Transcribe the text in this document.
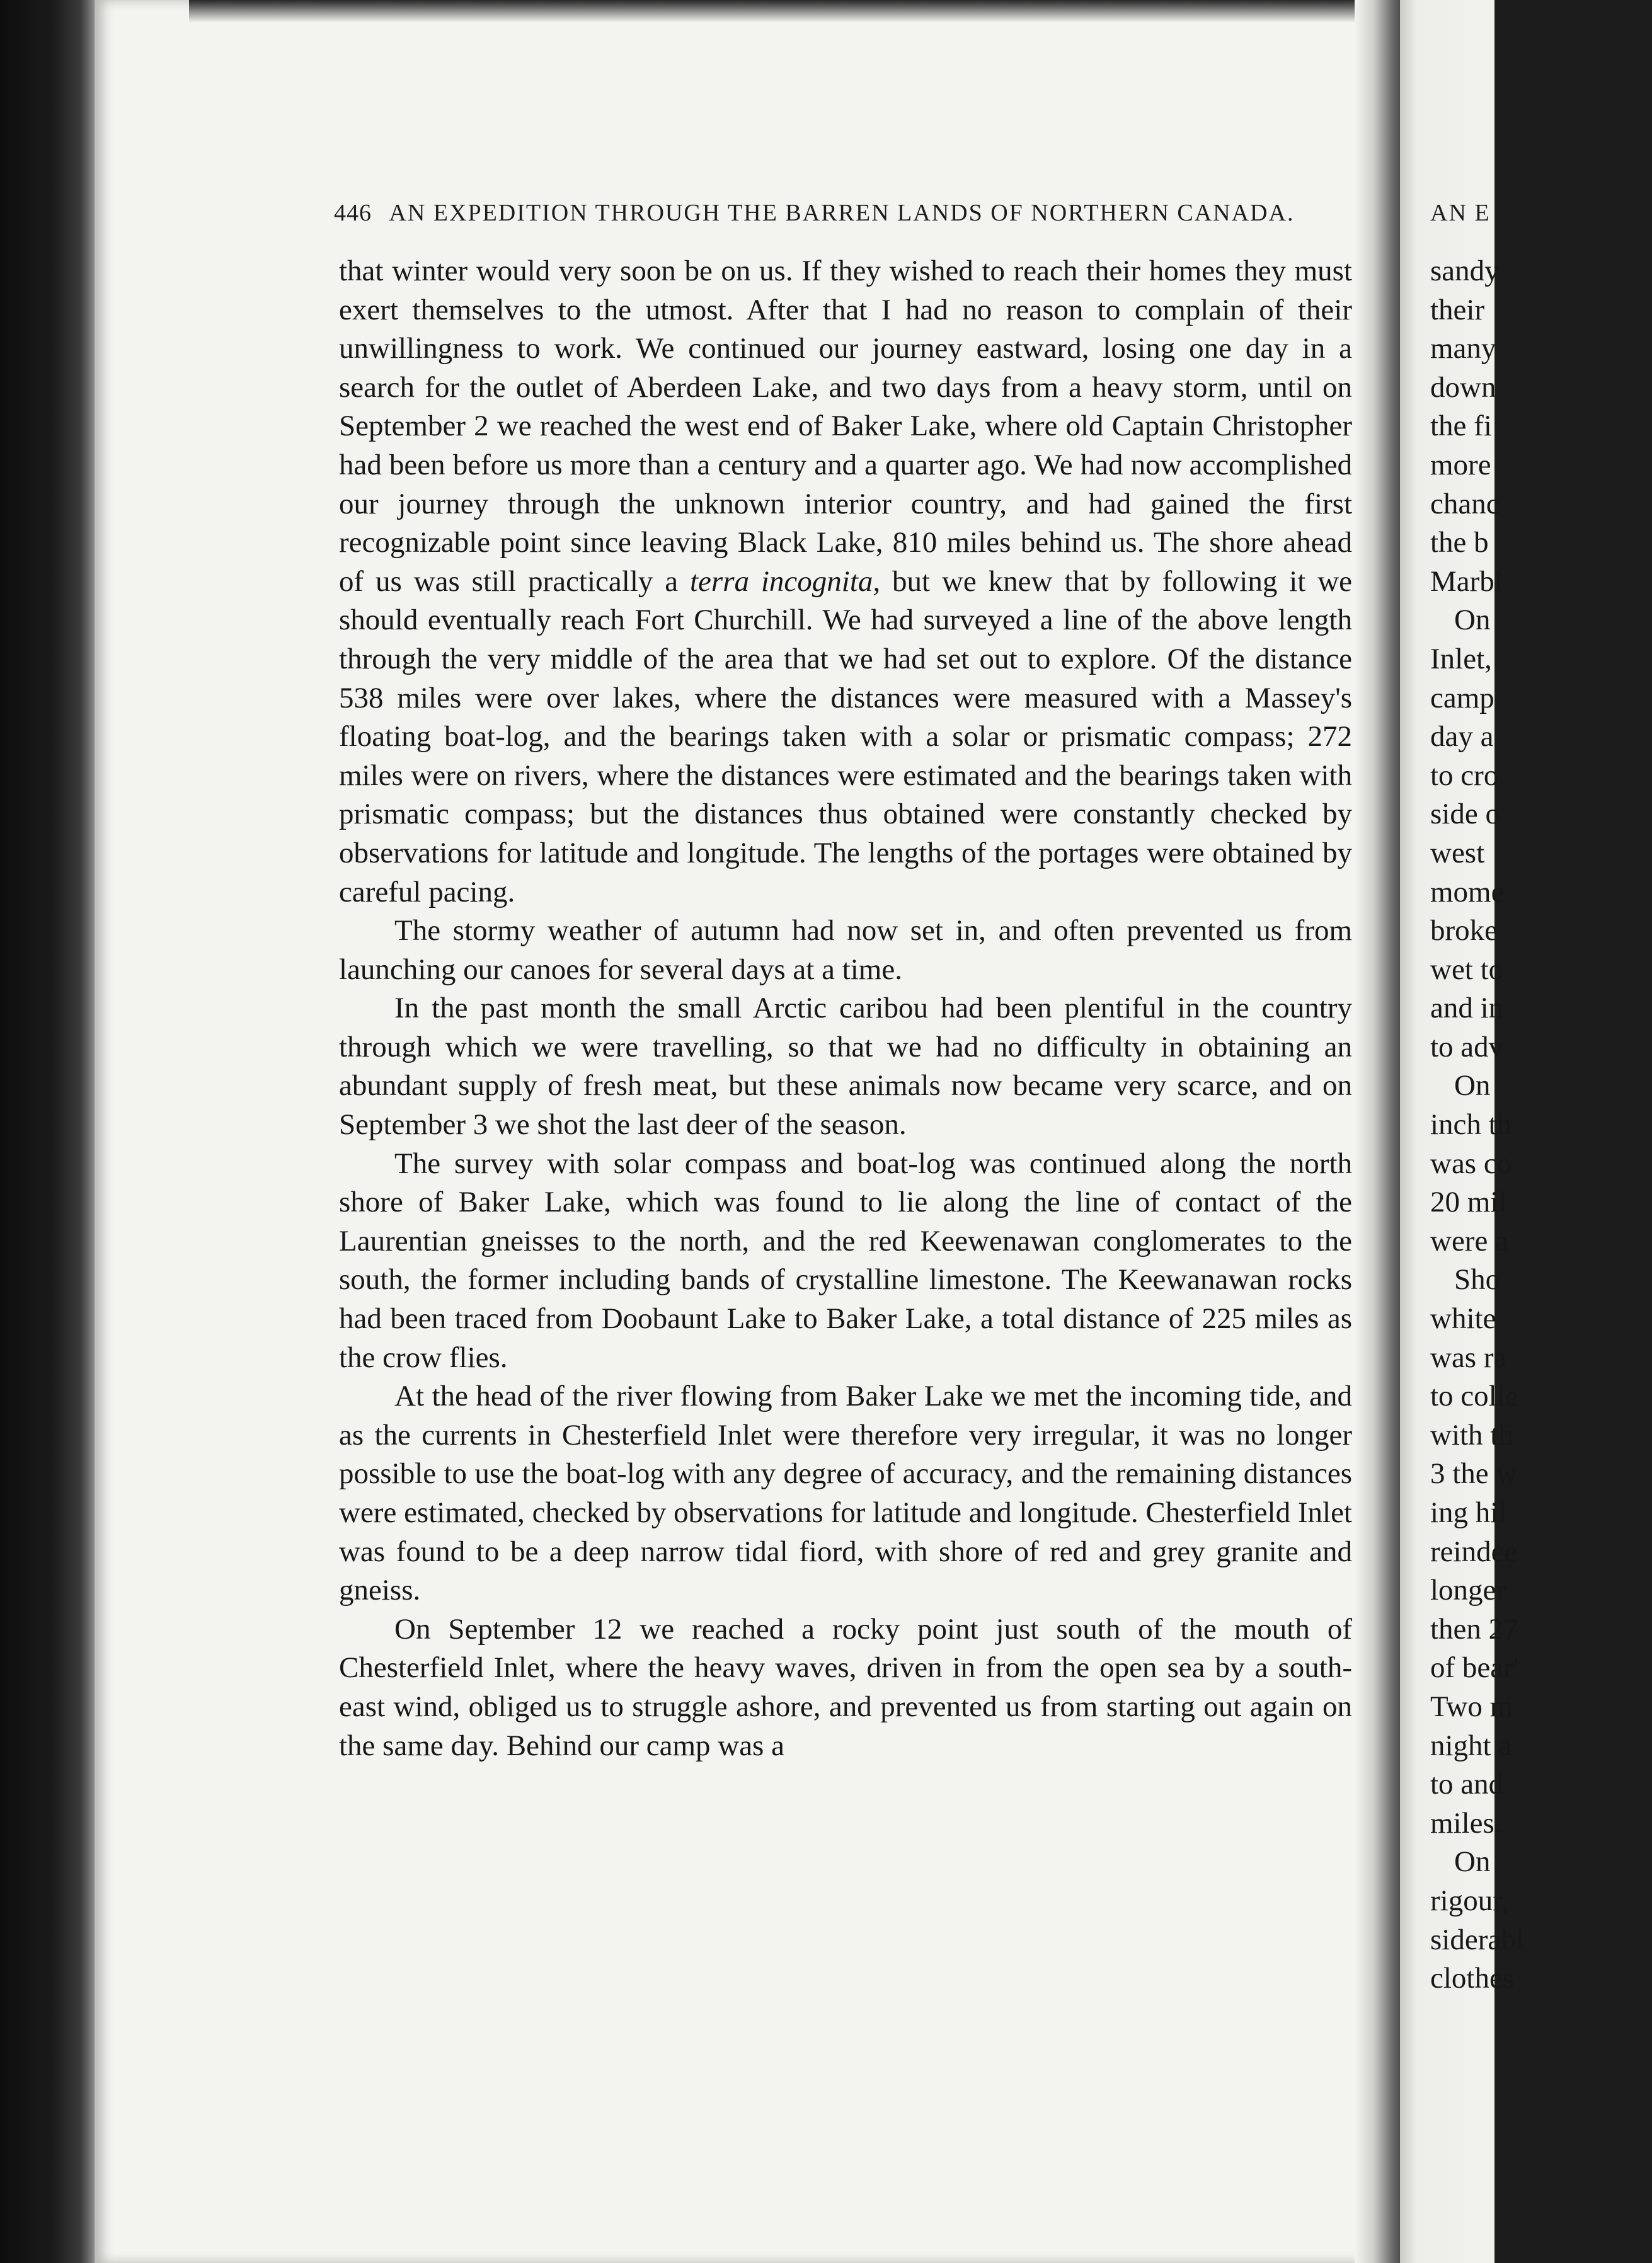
446 AN EXPEDITION THROUGH THE BARREN LANDS OF NORTHERN CANADA.

that winter would very soon be on us. If they wished to reach their homes they must exert themselves to the utmost. After that I had no reason to complain of their unwillingness to work. We continued our journey eastward, losing one day in a search for the outlet of Aberdeen Lake, and two days from a heavy storm, until on September 2 we reached the west end of Baker Lake, where old Captain Christopher had been before us more than a century and a quarter ago. We had now accomplished our journey through the unknown interior country, and had gained the first recognizable point since leaving Black Lake, 810 miles behind us. The shore ahead of us was still practically a terra incognita, but we knew that by following it we should eventually reach Fort Churchill. We had surveyed a line of the above length through the very middle of the area that we had set out to explore. Of the distance 538 miles were over lakes, where the distances were measured with a Massey's floating boat-log, and the bearings taken with a solar or prismatic compass; 272 miles were on rivers, where the distances were estimated and the bearings taken with prismatic compass; but the distances thus obtained were constantly checked by observations for latitude and longitude. The lengths of the portages were obtained by careful pacing.

The stormy weather of autumn had now set in, and often prevented us from launching our canoes for several days at a time.

In the past month the small Arctic caribou had been plentiful in the country through which we were travelling, so that we had no difficulty in obtaining an abundant supply of fresh meat, but these animals now became very scarce, and on September 3 we shot the last deer of the season.

The survey with solar compass and boat-log was continued along the north shore of Baker Lake, which was found to lie along the line of contact of the Laurentian gneisses to the north, and the red Keewenawan conglomerates to the south, the former including bands of crystalline limestone. The Keewanawan rocks had been traced from Doobaunt Lake to Baker Lake, a total distance of 225 miles as the crow flies.

At the head of the river flowing from Baker Lake we met the incoming tide, and as the currents in Chesterfield Inlet were therefore very irregular, it was no longer possible to use the boat-log with any degree of accuracy, and the remaining distances were estimated, checked by observations for latitude and longitude. Chesterfield Inlet was found to be a deep narrow tidal fiord, with shore of red and grey granite and gneiss.

On September 12 we reached a rocky point just south of the mouth of Chesterfield Inlet, where the heavy waves, driven in from the open sea by a south-east wind, obliged us to struggle ashore, and prevented us from starting out again on the same day. Behind our camp was a

AN E
sandy
their
many
down
the fi
more
chanc
the b
Marbl
On
Inlet,
camp
day a
to cro
side o
west
mome
broke
wet to
and in
to adv
On
inch th
was co
20 mil
were a
Sho
white
was ra
to colle
with th
3 the w
ing hil
reindee
longer
then 27
of bear'
Two m
night a
to and
miles.
On
rigour,
siderabl
clothes
